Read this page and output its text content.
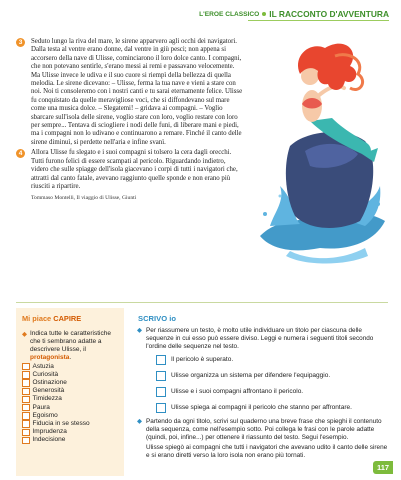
L'EROE CLASSICO IL RACCONTO D'AVVENTURA
3	Seduto lungo la riva del mare, le sirene apparvero agli occhi dei navigatori. Dalla testa al ventre erano donne, dal ventre in giù pesci; non appena si accorsero della nave di Ulisse, cominciarono il loro dolce canto. I compagni, che non potevano sentirle, s'erano messi ai remi e passavano velocemente. Ma Ulisse invece le udiva e il suo cuore si riempì della bellezza di quella melodia. Le sirene dicevano: – Ulisse, ferma la tua nave e vieni a stare con noi. Noi ti consoleremo con i nostri canti e tu sarai eternamente felice. Ulisse fu conquistato da quelle meravigliose voci, che si diffondevano sul mare come una musica dolce. – Slegatemi! – gridava ai compagni. – Voglio sbarcare sull'isola delle sirene, voglio stare con loro, voglio restare con loro per sempre... Tentava di sciogliere i nodi delle funi, di liberare mani e piedi, ma i compagni non lo udivano e continuarono a remare. Finché il canto delle sirene diminuì, si perdette nell'aria e infine svanì.

4	Allora Ulisse fu slegato e i suoi compagni si tolsero la cera dagli orecchi. Tutti furono felici di essere scampati al pericolo. Riguardando indietro, videro che sulle spiagge dell'isola giacevano i corpi di tutti i navigatori che, attratti dal canto fatale, avevano raggiunto quelle sponde e non erano più riusciti a ripartire.

Tommaso Montelli, Il viaggio di Ulisse, Giunti
Mi piace CAPIRE
◆ Indica tutte le caratteristiche che ti sembrano adatte a descrivere Ulisse, il protagonista.
Astuzia
Curiosità
Ostinazione
Generosità
Timidezza
Paura
Egoismo
Fiducia in se stesso
Imprudenza
Indecisione
SCRIVO io
◆ Per riassumere un testo, è molto utile individuare un titolo per ciascuna delle sequenze in cui esso può essere diviso. Leggi e numera i seguenti titoli secondo l'ordine delle sequenze nel testo.
Il pericolo è superato.
Ulisse organizza un sistema per difendere l'equipaggio.
Ulisse e i suoi compagni affrontano il pericolo.
Ulisse spiega ai compagni il pericolo che stanno per affrontare.
◆ Partendo da ogni titolo, scrivi sul quaderno una breve frase che spieghi il contenuto della sequenza, come nell'esempio sotto. Poi collega le frasi con le parole adatte (quindi, poi, infine...) per ottenere il riassunto del testo. Segui l'esempio.
Ulisse spiegò ai compagni che tutti i navigatori che avevano udito il canto delle sirene e si erano diretti verso la loro isola non erano più tornati.
117
